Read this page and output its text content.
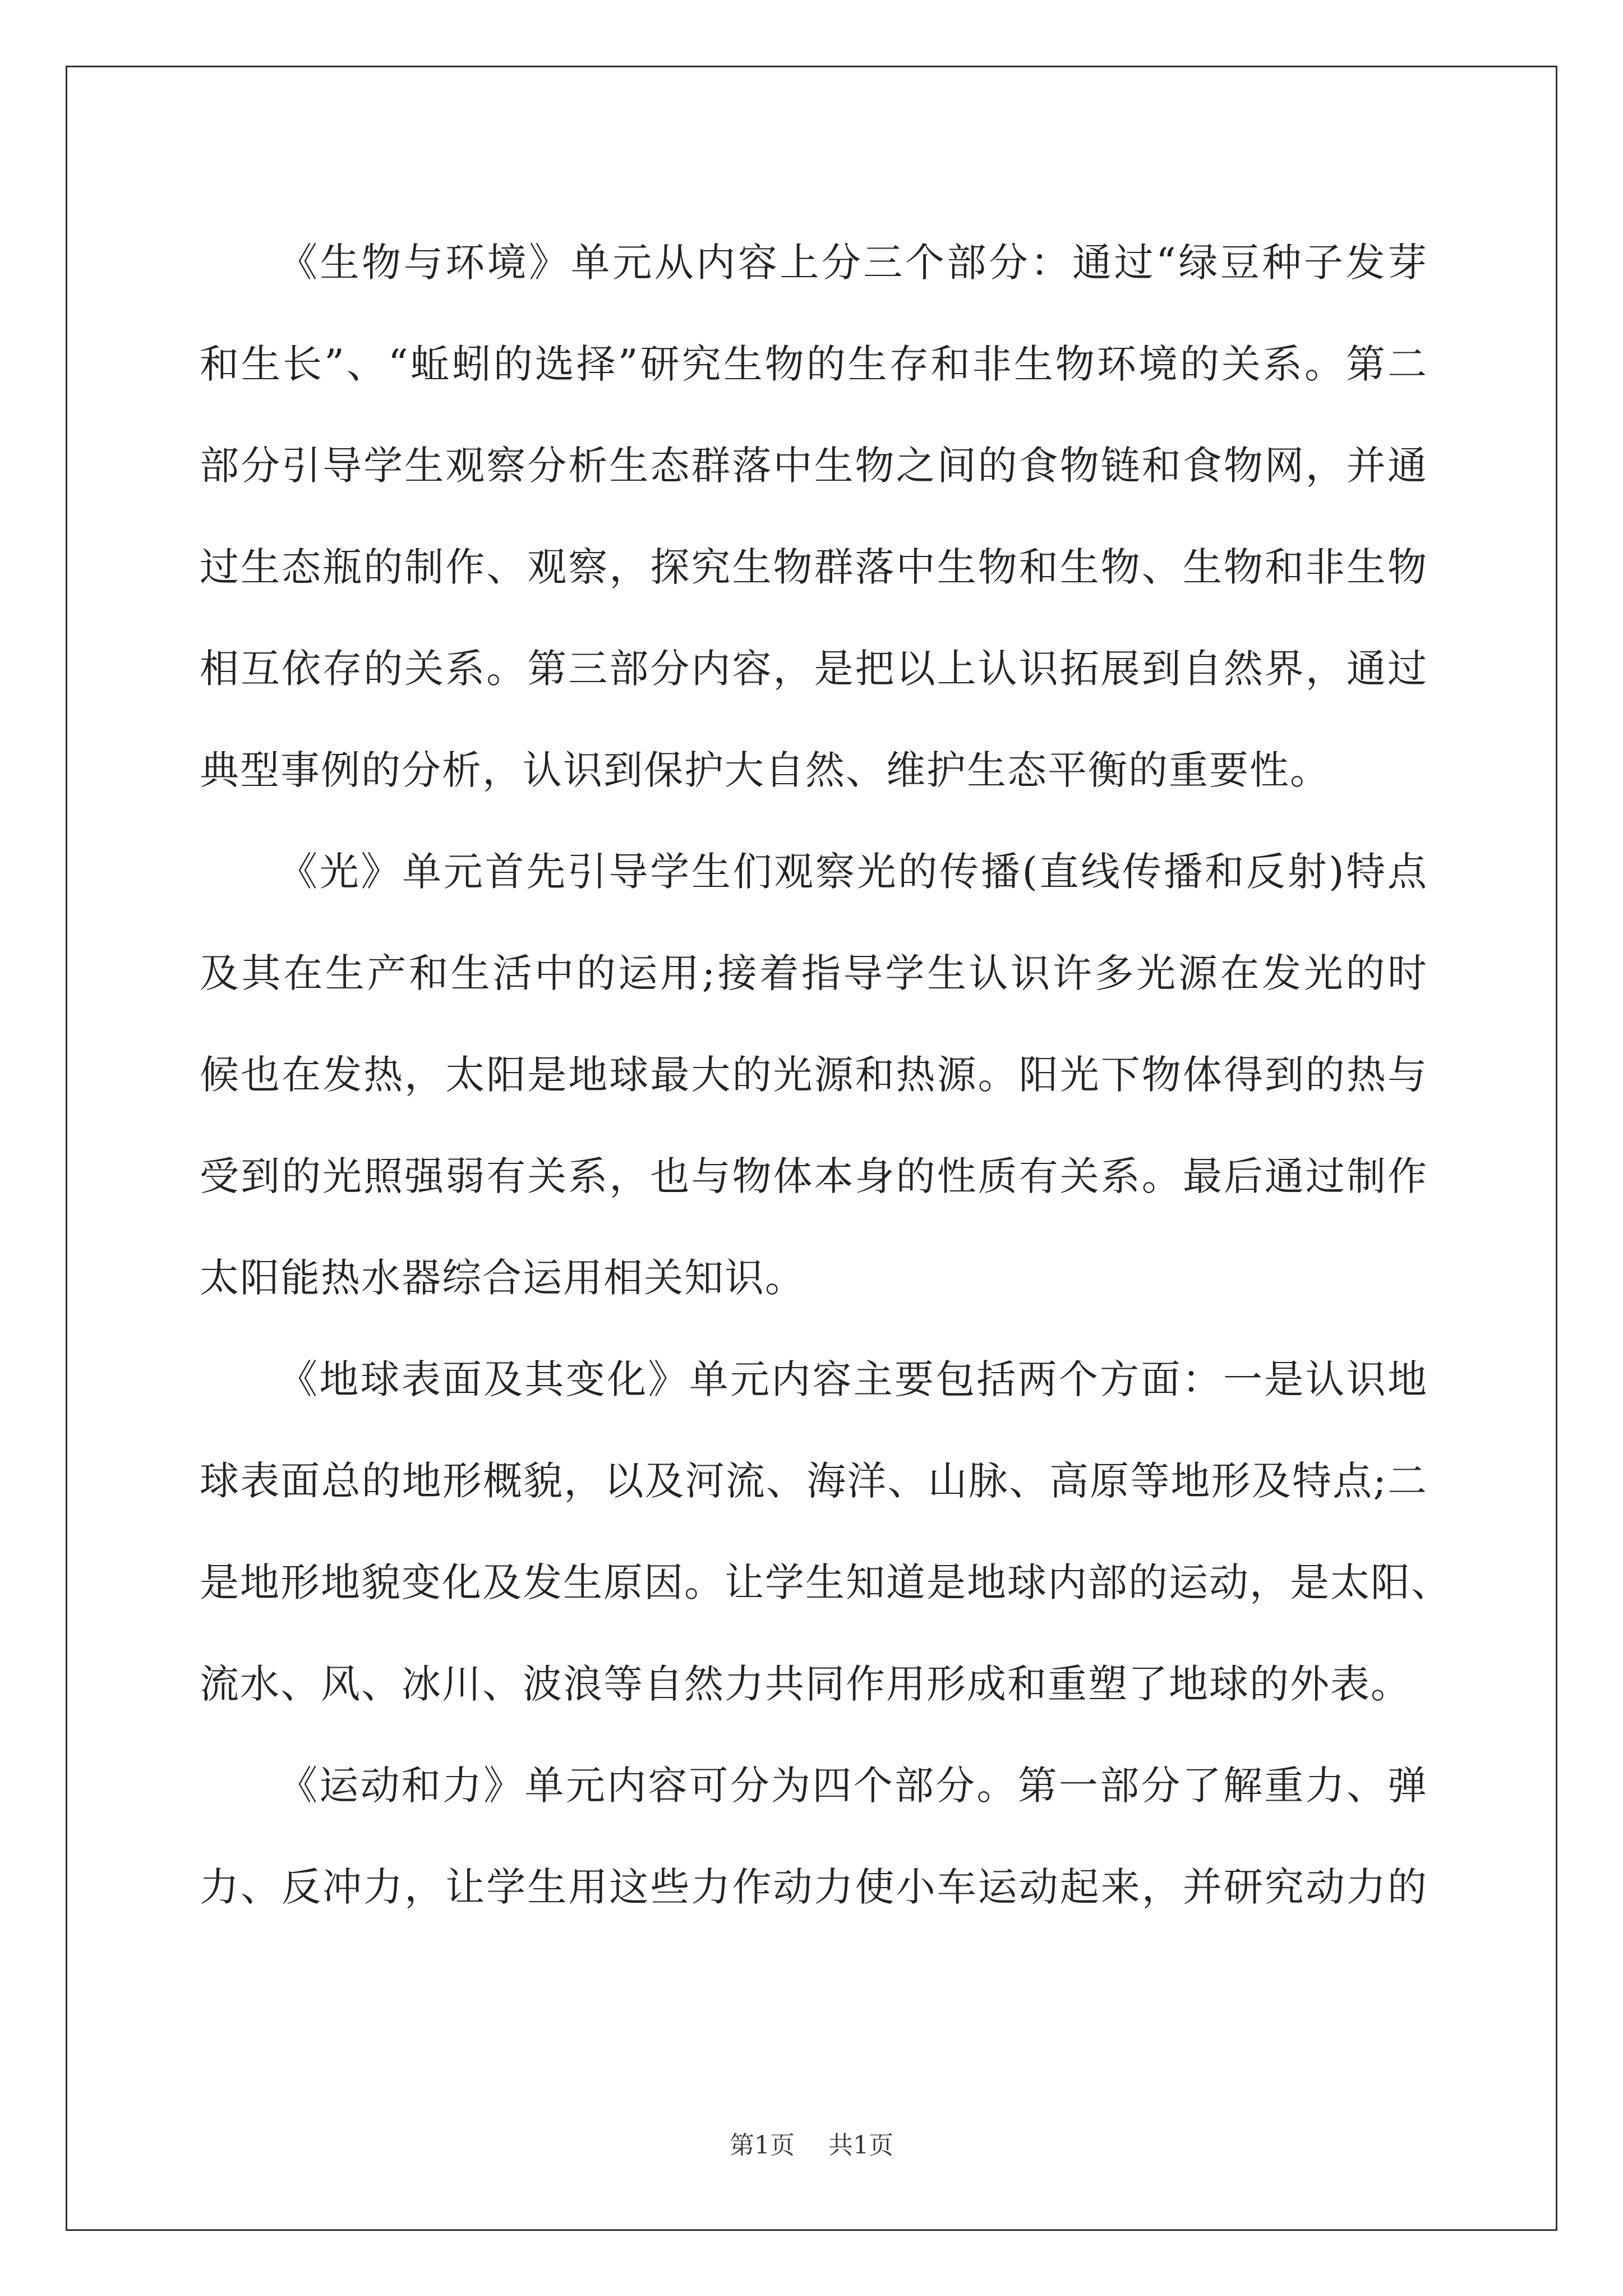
《生物与环境》单元从内容上分三个部分：通过“绿豆种子发芽
和生长”、“蚯蚓的选择”研究生物的生存和非生物环境的关系。第二
部分引导学生观察分析生态群落中生物之间的食物链和食物网，并通
过生态瓶的制作、观察，探究生物群落中生物和生物、生物和非生物
相互依存的关系。第三部分内容，是把以上认识拓展到自然界，通过
典型事例的分析，认识到保护大自然、维护生态平衡的重要性。
《光》单元首先引导学生们观察光的传播(直线传播和反射)特点
及其在生产和生活中的运用;接着指导学生认识许多光源在发光的时
候也在发热，太阳是地球最大的光源和热源。阳光下物体得到的热与
受到的光照强弱有关系，也与物体本身的性质有关系。最后通过制作
太阳能热水器综合运用相关知识。
《地球表面及其变化》单元内容主要包括两个方面：一是认识地
球表面总的地形概貌，以及河流、海洋、山脉、高原等地形及特点;二
是地形地貌变化及发生原因。让学生知道是地球内部的运动，是太阳、
流水、风、冰川、波浪等自然力共同作用形成和重塑了地球的外表。
《运动和力》单元内容可分为四个部分。第一部分了解重力、弹
力、反冲力，让学生用这些力作动力使小车运动起来，并研究动力的
第1页 共1页
